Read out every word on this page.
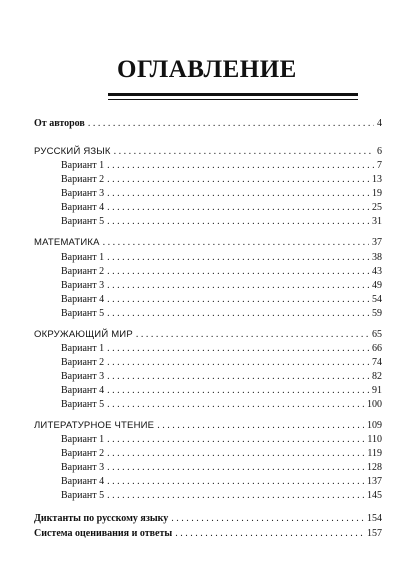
ОГЛАВЛЕНИЕ
От авторов . . .	4
РУССКИЙ ЯЗЫК . . .	6
Вариант 1 . . .	7
Вариант 2 . . .	13
Вариант 3 . . .	19
Вариант 4 . . .	25
Вариант 5 . . .	31
МАТЕМАТИКА . . .	37
Вариант 1 . . .	38
Вариант 2 . . .	43
Вариант 3 . . .	49
Вариант 4 . . .	54
Вариант 5 . . .	59
ОКРУЖАЮЩИЙ МИР . . .	65
Вариант 1 . . .	66
Вариант 2 . . .	74
Вариант 3 . . .	82
Вариант 4 . . .	91
Вариант 5 . . .	100
ЛИТЕРАТУРНОЕ ЧТЕНИЕ . . .	109
Вариант 1 . . .	110
Вариант 2 . . .	119
Вариант 3 . . .	128
Вариант 4 . . .	137
Вариант 5 . . .	145
Диктанты по русскому языку . . .	154
Система оценивания и ответы . . .	157
